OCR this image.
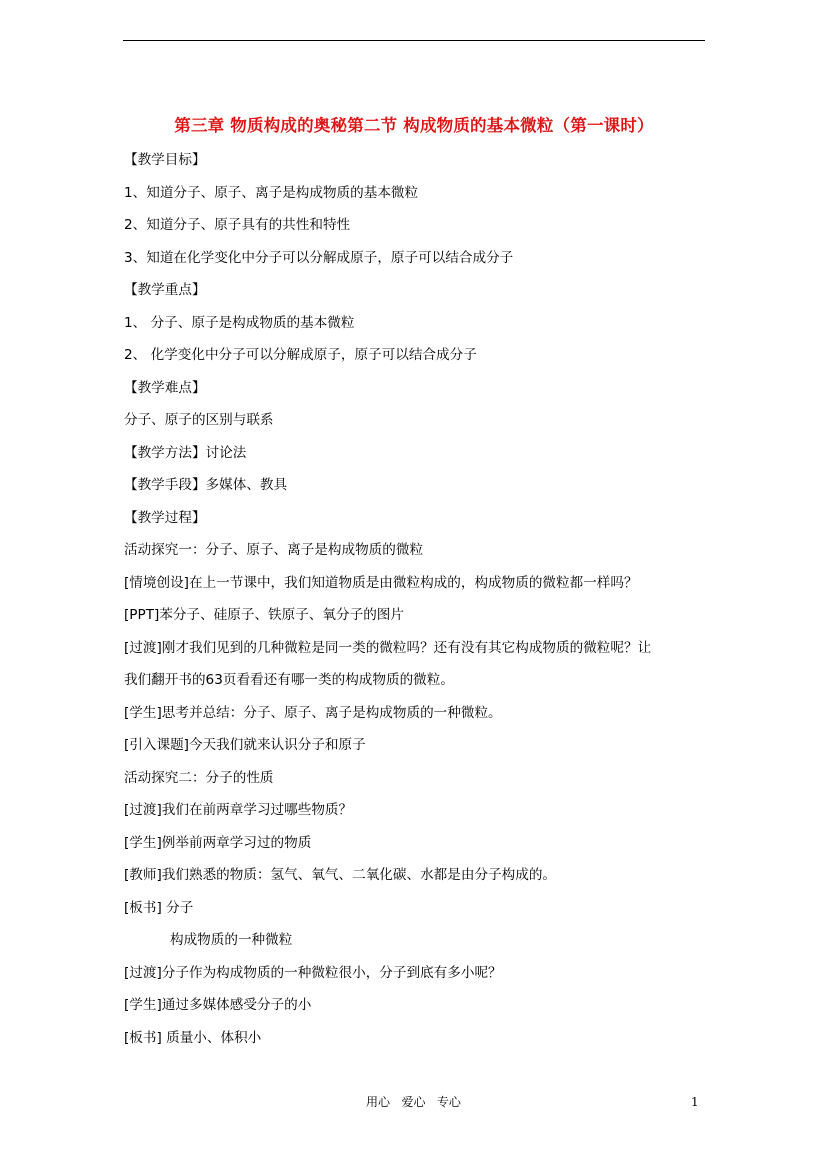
第三章 物质构成的奥秘第二节 构成物质的基本微粒（第一课时）
【教学目标】
1、知道分子、原子、离子是构成物质的基本微粒
2、知道分子、原子具有的共性和特性
3、知道在化学变化中分子可以分解成原子，原子可以结合成分子
【教学重点】
1、 分子、原子是构成物质的基本微粒
2、 化学变化中分子可以分解成原子，原子可以结合成分子
【教学难点】
分子、原子的区别与联系
【教学方法】讨论法
【教学手段】多媒体、教具
【教学过程】
活动探究一：分子、原子、离子是构成物质的微粒
[情境创设]在上一节课中，我们知道物质是由微粒构成的，构成物质的微粒都一样吗？
[PPT]苯分子、硅原子、铁原子、氧分子的图片
[过渡]刚才我们见到的几种微粒是同一类的微粒吗？还有没有其它构成物质的微粒呢？让
我们翻开书的63页看看还有哪一类的构成物质的微粒。
[学生]思考并总结：分子、原子、离子是构成物质的一种微粒。
[引入课题]今天我们就来认识分子和原子
活动探究二：分子的性质
[过渡]我们在前两章学习过哪些物质？
[学生]例举前两章学习过的物质
[教师]我们熟悉的物质：氢气、氧气、二氧化碳、水都是由分子构成的。
[板书] 分子
构成物质的一种微粒
[过渡]分子作为构成物质的一种微粒很小，分子到底有多小呢？
[学生]通过多媒体感受分子的小
[板书] 质量小、体积小
用心   爱心   专心	1
